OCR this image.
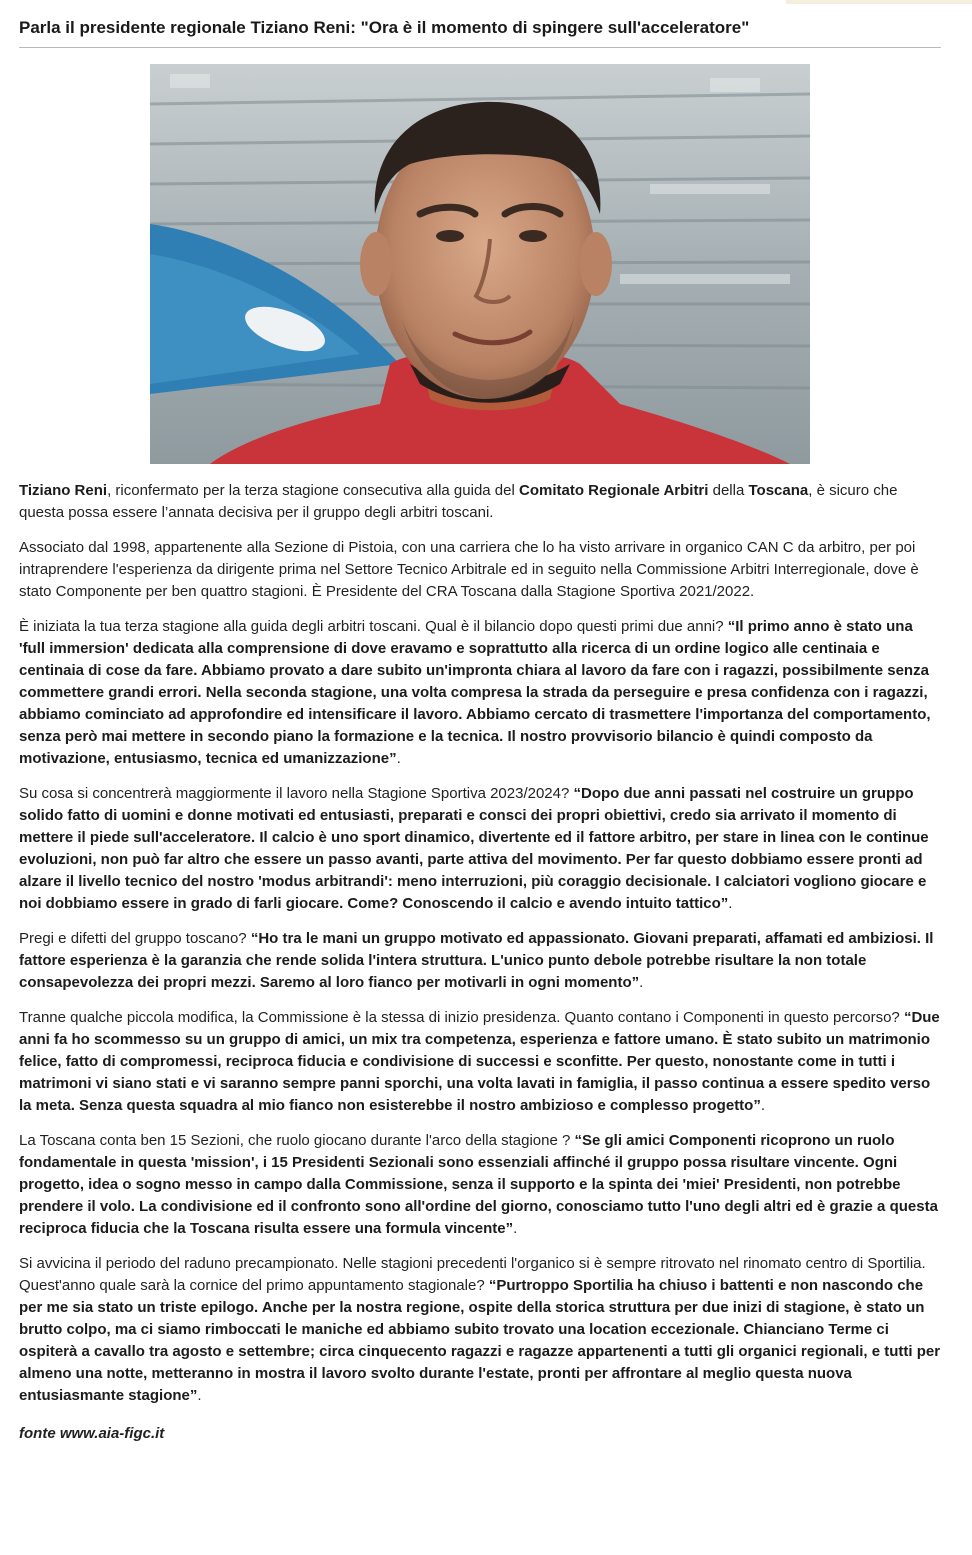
Parla il presidente regionale Tiziano Reni: "Ora è il momento di spingere sull'acceleratore"

Tiziano Reni, riconfermato per la terza stagione consecutiva alla guida del Comitato Regionale Arbitri della Toscana, è sicuro che questa possa essere l’annata decisiva per il gruppo degli arbitri toscani.

Associato dal 1998, appartenente alla Sezione di Pistoia, con una carriera che lo ha visto arrivare in organico CAN C da arbitro, per poi intraprendere l'esperienza da dirigente prima nel Settore Tecnico Arbitrale ed in seguito nella Commissione Arbitri Interregionale, dove è stato Componente per ben quattro stagioni. È Presidente del CRA Toscana dalla Stagione Sportiva 2021/2022.

È iniziata la tua terza stagione alla guida degli arbitri toscani. Qual è il bilancio dopo questi primi due anni? “Il primo anno è stato una 'full immersion' dedicata alla comprensione di dove eravamo e soprattutto alla ricerca di un ordine logico alle centinaia e centinaia di cose da fare. Abbiamo provato a dare subito un'impronta chiara al lavoro da fare con i ragazzi, possibilmente senza commettere grandi errori. Nella seconda stagione, una volta compresa la strada da perseguire e presa confidenza con i ragazzi, abbiamo cominciato ad approfondire ed intensificare il lavoro. Abbiamo cercato di trasmettere l'importanza del comportamento, senza però mai mettere in secondo piano la formazione e la tecnica. Il nostro provvisorio bilancio è quindi composto da motivazione, entusiasmo, tecnica ed umanizzazione”.

Su cosa si concentrerà maggiormente il lavoro nella Stagione Sportiva 2023/2024? “Dopo due anni passati nel costruire un gruppo solido fatto di uomini e donne motivati ed entusiasti, preparati e consci dei propri obiettivi, credo sia arrivato il momento di mettere il piede sull'acceleratore. Il calcio è uno sport dinamico, divertente ed il fattore arbitro, per stare in linea con le continue evoluzioni, non può far altro che essere un passo avanti, parte attiva del movimento. Per far questo dobbiamo essere pronti ad alzare il livello tecnico del nostro 'modus arbitrandi': meno interruzioni, più coraggio decisionale. I calciatori vogliono giocare e noi dobbiamo essere in grado di farli giocare. Come? Conoscendo il calcio e avendo intuito tattico”.

Pregi e difetti del gruppo toscano? “Ho tra le mani un gruppo motivato ed appassionato. Giovani preparati, affamati ed ambiziosi. Il fattore esperienza è la garanzia che rende solida l'intera struttura. L'unico punto debole potrebbe risultare la non totale consapevolezza dei propri mezzi. Saremo al loro fianco per motivarli in ogni momento”.

Tranne qualche piccola modifica, la Commissione è la stessa di inizio presidenza. Quanto contano i Componenti in questo percorso? “Due anni fa ho scommesso su un gruppo di amici, un mix tra competenza, esperienza e fattore umano. È stato subito un matrimonio felice, fatto di compromessi, reciproca fiducia e condivisione di successi e sconfitte. Per questo, nonostante come in tutti i matrimoni vi siano stati e vi saranno sempre panni sporchi, una volta lavati in famiglia, il passo continua a essere spedito verso la meta. Senza questa squadra al mio fianco non esisterebbe il nostro ambizioso e complesso progetto”.

La Toscana conta ben 15 Sezioni, che ruolo giocano durante l'arco della stagione ? “Se gli amici Componenti ricoprono un ruolo fondamentale in questa 'mission', i 15 Presidenti Sezionali sono essenziali affinché il gruppo possa risultare vincente. Ogni progetto, idea o sogno messo in campo dalla Commissione, senza il supporto e la spinta dei 'miei' Presidenti, non potrebbe prendere il volo. La condivisione ed il confronto sono all'ordine del giorno, conosciamo tutto l'uno degli altri ed è grazie a questa reciproca fiducia che la Toscana risulta essere una formula vincente”.

Si avvicina il periodo del raduno precampionato. Nelle stagioni precedenti l'organico si è sempre ritrovato nel rinomato centro di Sportilia. Quest'anno quale sarà la cornice del primo appuntamento stagionale? “Purtroppo Sportilia ha chiuso i battenti e non nascondo che per me sia stato un triste epilogo. Anche per la nostra regione, ospite della storica struttura per due inizi di stagione, è stato un brutto colpo, ma ci siamo rimboccati le maniche ed abbiamo subito trovato una location eccezionale. Chianciano Terme ci ospiterà a cavallo tra agosto e settembre; circa cinquecento ragazzi e ragazze appartenenti a tutti gli organici regionali, e tutti per almeno una notte, metteranno in mostra il lavoro svolto durante l'estate, pronti per affrontare al meglio questa nuova entusiasmante stagione”.

fonte www.aia-figc.it
